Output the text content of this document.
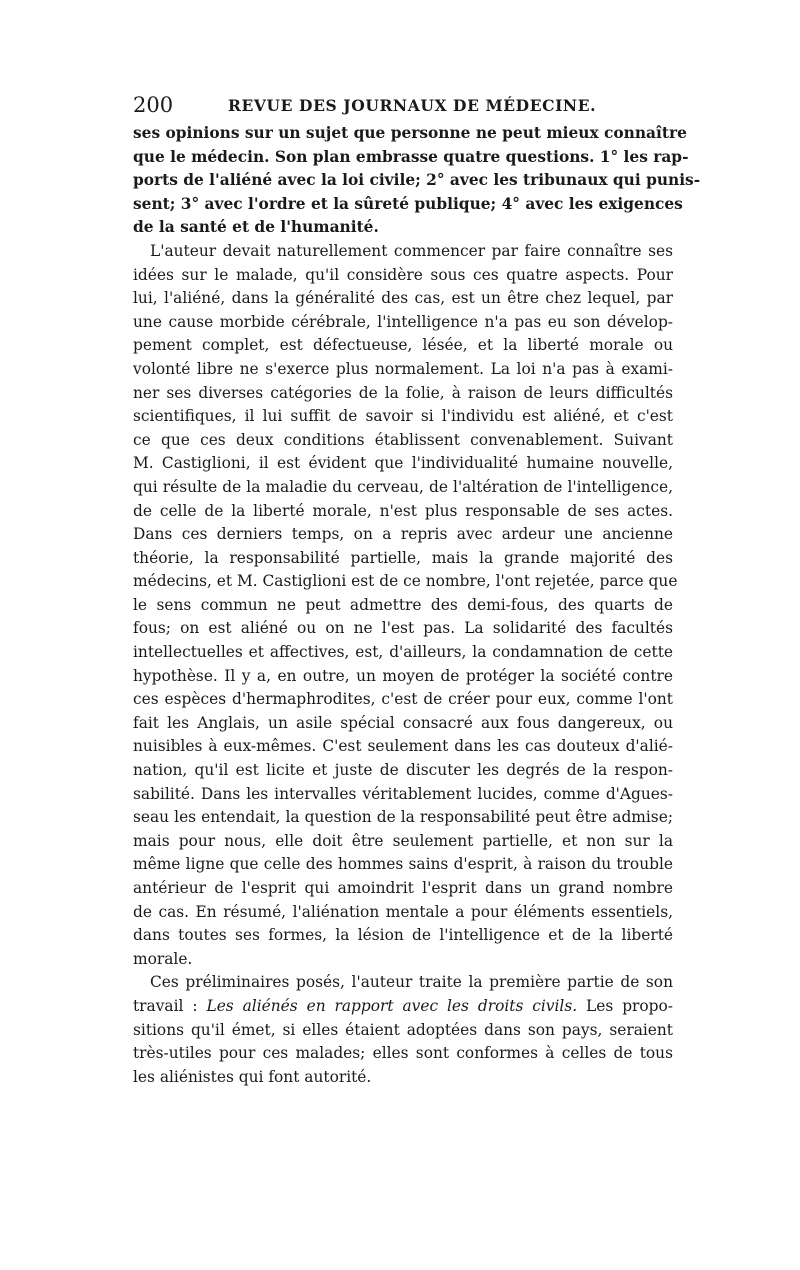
200	REVUE DES JOURNAUX DE MÉDECINE.
ses opinions sur un sujet que personne ne peut mieux connaître
que le médecin. Son plan embrasse quatre questions. 1° les rap-
ports de l'aliéné avec la loi civile; 2° avec les tribunaux qui punis-
sent; 3° avec l'ordre et la sûreté publique; 4° avec les exigences
de la santé et de l'humanité.
L'auteur devait naturellement commencer par faire connaître ses
idées sur le malade, qu'il considère sous ces quatre aspects. Pour
lui, l'aliéné, dans la généralité des cas, est un être chez lequel, par
une cause morbide cérébrale, l'intelligence n'a pas eu son dévelop-
pement complet, est défectueuse, lésée, et la liberté morale ou
volonté libre ne s'exerce plus normalement. La loi n'a pas à exami-
ner ses diverses catégories de la folie, à raison de leurs difficultés
scientifiques, il lui suffit de savoir si l'individu est aliéné, et c'est
ce que ces deux conditions établissent convenablement. Suivant
M. Castiglioni, il est évident que l'individualité humaine nouvelle,
qui résulte de la maladie du cerveau, de l'altération de l'intelligence,
de celle de la liberté morale, n'est plus responsable de ses actes.
Dans ces derniers temps, on a repris avec ardeur une ancienne
théorie, la responsabilité partielle, mais la grande majorité des
médecins, et M. Castiglioni est de ce nombre, l'ont rejetée, parce que
le sens commun ne peut admettre des demi-fous, des quarts de
fous; on est aliéné ou on ne l'est pas. La solidarité des facultés
intellectuelles et affectives, est, d'ailleurs, la condamnation de cette
hypothèse. Il y a, en outre, un moyen de protéger la société contre
ces espèces d'hermaphrodites, c'est de créer pour eux, comme l'ont
fait les Anglais, un asile spécial consacré aux fous dangereux, ou
nuisibles à eux-mêmes. C'est seulement dans les cas douteux d'alié-
nation, qu'il est licite et juste de discuter les degrés de la respon-
sabilité. Dans les intervalles véritablement lucides, comme d'Agues-
seau les entendait, la question de la responsabilité peut être admise;
mais pour nous, elle doit être seulement partielle, et non sur la
même ligne que celle des hommes sains d'esprit, à raison du trouble
antérieur de l'esprit qui amoindrit l'esprit dans un grand nombre
de cas. En résumé, l'aliénation mentale a pour éléments essentiels,
dans toutes ses formes, la lésion de l'intelligence et de la liberté
morale.
Ces préliminaires posés, l'auteur traite la première partie de son
travail : Les aliénés en rapport avec les droits civils. Les propo-
sitions qu'il émet, si elles étaient adoptées dans son pays, seraient
très-utiles pour ces malades; elles sont conformes à celles de tous
les aliénistes qui font autorité.
